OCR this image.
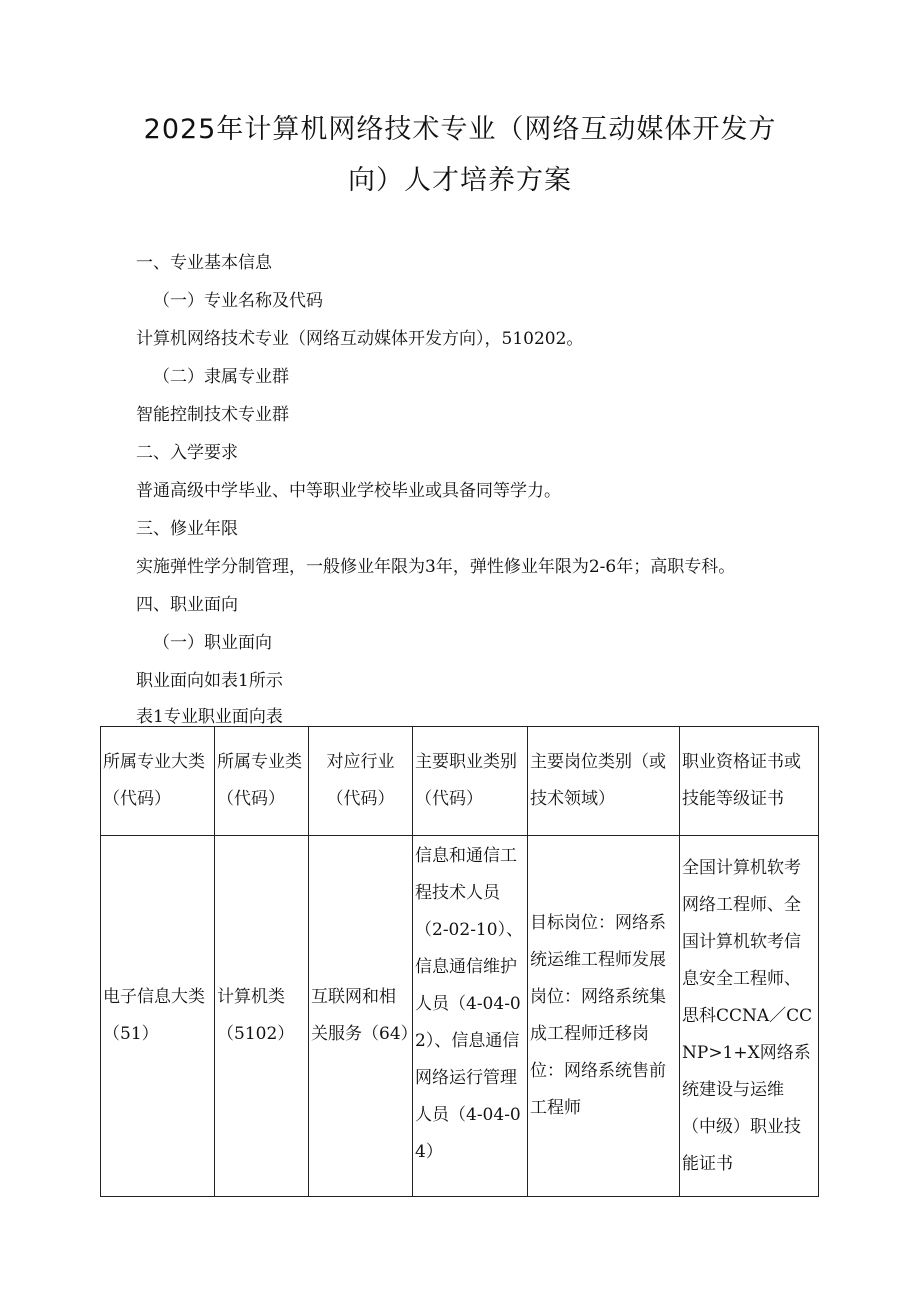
2025年计算机网络技术专业（网络互动媒体开发方
向）人才培养方案
一、专业基本信息
（一）专业名称及代码
计算机网络技术专业（网络互动媒体开发方向），510202。
（二）隶属专业群
智能控制技术专业群
二、入学要求
普通高级中学毕业、中等职业学校毕业或具备同等学力。
三、修业年限
实施弹性学分制管理，一般修业年限为3年，弹性修业年限为2-6年；高职专科。
四、职业面向
（一）职业面向
职业面向如表1所示
表1专业职业面向表
所属专业大类（代码）	所属专业类（代码）	对应行业（代码）	主要职业类别（代码）	主要岗位类别（或技术领域）	职业资格证书或技能等级证书
电子信息大类（51）	计算机类（5102）	互联网和相关服务（64）	信息和通信工程技术人员（2-02-10）、信息通信维护人员（4-04-02）、信息通信网络运行管理人员（4-04-04）	目标岗位：网络系统运维工程师发展岗位：网络系统集成工程师迁移岗位：网络系统售前工程师	全国计算机软考网络工程师、全国计算机软考信息安全工程师、思科CCNA／CCNP>1+X网络系统建设与运维（中级）职业技能证书
